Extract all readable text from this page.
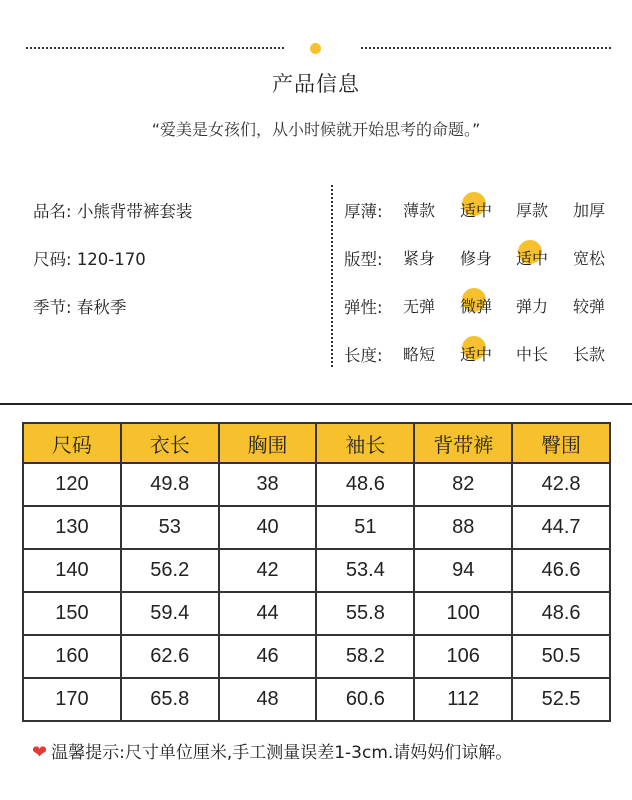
产品信息
“爱美是女孩们，从小时候就开始思考的命题。”
品名: 小熊背带裤套装
尺码: 120-170
季节: 春秋季
厚薄: 薄款 适中 厚款 加厚
版型: 紧身 修身 适中 宽松
弹性: 无弹 微弹 弹力 较弹
长度: 略短 适中 中长 长款
尺码	衣长	胸围	袖长	背带裤	臀围
120	49.8	38	48.6	82	42.8
130	53	40	51	88	44.7
140	56.2	42	53.4	94	46.6
150	59.4	44	55.8	100	48.6
160	62.6	46	58.2	106	50.5
170	65.8	48	60.6	112	52.5
❤ 温馨提示:尺寸单位厘米,手工测量误差1-3cm.请妈妈们谅解。
